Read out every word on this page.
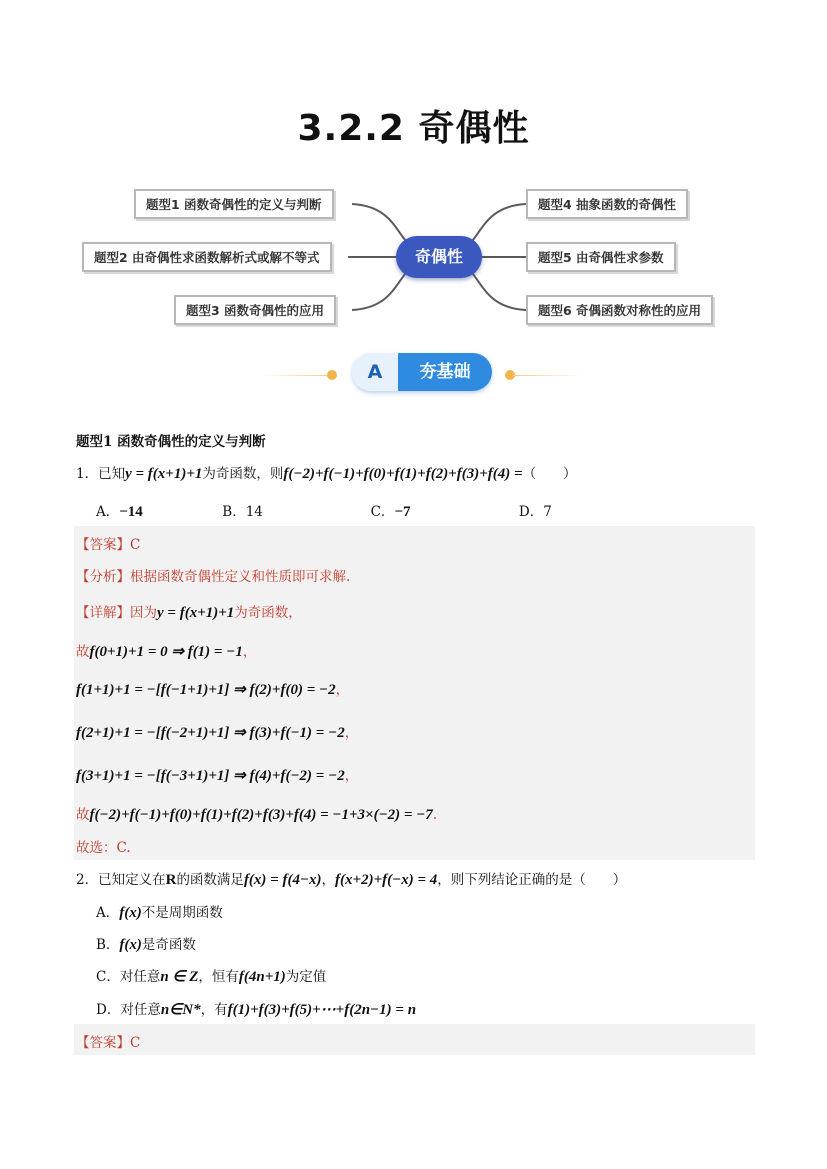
3.2.2 奇偶性
题型1 函数奇偶性的定义与判断
题型2 由奇偶性求函数解析式或解不等式
题型3 函数奇偶性的应用
奇偶性
题型4 抽象函数的奇偶性
题型5 由奇偶性求参数
题型6 奇偶函数对称性的应用
A	夯基础
题型1 函数奇偶性的定义与判断
1．已知y = f(x+1)+1为奇函数，则f(−2)+f(−1)+f(0)+f(1)+f(2)+f(3)+f(4) =（　　）
A．−14	B．14	C．−7	D．7
【答案】C
【分析】根据函数奇偶性定义和性质即可求解.
【详解】因为y = f(x+1)+1为奇函数，
故f(0+1)+1 = 0 ⇒ f(1) = −1，
f(1+1)+1 = −[f(−1+1)+1] ⇒ f(2)+f(0) = −2，
f(2+1)+1 = −[f(−2+1)+1] ⇒ f(3)+f(−1) = −2，
f(3+1)+1 = −[f(−3+1)+1] ⇒ f(4)+f(−2) = −2，
故f(−2)+f(−1)+f(0)+f(1)+f(2)+f(3)+f(4) = −1+3×(−2) = −7.
故选：C.
2．已知定义在R的函数满足f(x) = f(4−x)，f(x+2)+f(−x) = 4，则下列结论正确的是（　　）
A．f(x)不是周期函数
B．f(x)是奇函数
C．对任意n ∈ Z，恒有f(4n+1)为定值
D．对任意n∈N*，有f(1)+f(3)+f(5)+⋯+f(2n−1) = n
【答案】C
